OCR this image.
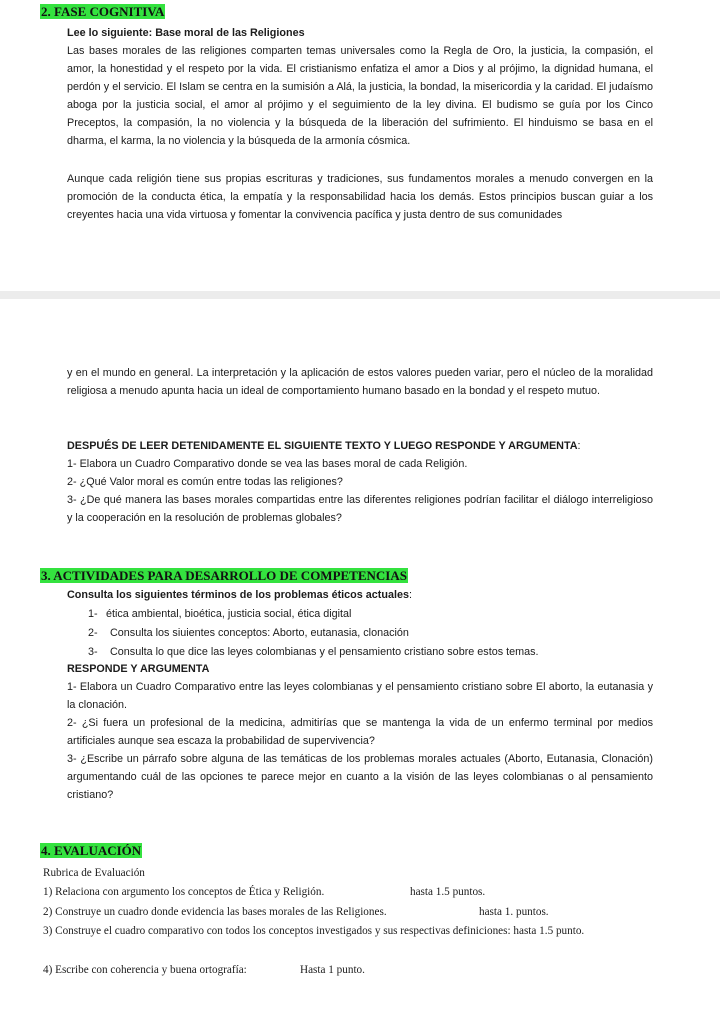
2. FASE COGNITIVA
Lee lo siguiente: Base moral de las Religiones

Las bases morales de las religiones comparten temas universales como la Regla de Oro, la justicia, la compasión, el amor, la honestidad y el respeto por la vida. El cristianismo enfatiza el amor a Dios y al prójimo, la dignidad humana, el perdón y el servicio. El Islam se centra en la sumisión a Alá, la justicia, la bondad, la misericordia y la caridad. El judaísmo aboga por la justicia social, el amor al prójimo y el seguimiento de la ley divina. El budismo se guía por los Cinco Preceptos, la compasión, la no violencia y la búsqueda de la liberación del sufrimiento. El hinduismo se basa en el dharma, el karma, la no violencia y la búsqueda de la armonía cósmica.

Aunque cada religión tiene sus propias escrituras y tradiciones, sus fundamentos morales a menudo convergen en la promoción de la conducta ética, la empatía y la responsabilidad hacia los demás. Estos principios buscan guiar a los creyentes hacia una vida virtuosa y fomentar la convivencia pacífica y justa dentro de sus comunidades

y en el mundo en general. La interpretación y la aplicación de estos valores pueden variar, pero el núcleo de la moralidad religiosa a menudo apunta hacia un ideal de comportamiento humano basado en la bondad y el respeto mutuo.

DESPUÉS DE LEER DETENIDAMENTE EL SIGUIENTE TEXTO Y LUEGO RESPONDE Y ARGUMENTA:
1- Elabora un Cuadro Comparativo donde se vea las bases moral de cada Religión.
2- ¿Qué Valor moral es común entre todas las religiones?

3- ¿De qué manera las bases morales compartidas entre las diferentes religiones podrían facilitar el diálogo interreligioso y la cooperación en la resolución de problemas globales?

3. ACTIVIDADES PARA DESARROLLO DE COMPETENCIAS
Consulta los siguientes términos de los problemas éticos actuales:
1- ética ambiental, bioética, justicia social, ética digital
2- Consulta los siuientes conceptos: Aborto, eutanasia, clonación
3- Consulta lo que dice las leyes colombianas y el pensamiento cristiano sobre estos temas.
RESPONDE Y ARGUMENTA

1- Elabora un Cuadro Comparativo entre las leyes colombianas y el pensamiento cristiano sobre El aborto, la eutanasia y la clonación.

2- ¿Si fuera un profesional de la medicina, admitirías que se mantenga la vida de un enfermo terminal por medios artificiales aunque sea escaza la probabilidad de supervivencia?

3- ¿Escribe un párrafo sobre alguna de las temáticas de los problemas morales actuales (Aborto, Eutanasia, Clonación) argumentando cuál de las opciones te parece mejor en cuanto a la visión de las leyes colombianas o al pensamiento cristiano?

4. EVALUACIÓN
Rubrica de Evaluación
1) Relaciona con argumento los conceptos de Ética y Religión.	hasta 1.5 puntos.
2) Construye un cuadro donde evidencia las bases morales de las Religiones.	hasta 1. puntos.

3) Construye el cuadro comparativo con todos los conceptos investigados y sus respectivas definiciones: hasta 1.5 punto.

4) Escribe con coherencia y buena ortografía:	Hasta 1 punto.
